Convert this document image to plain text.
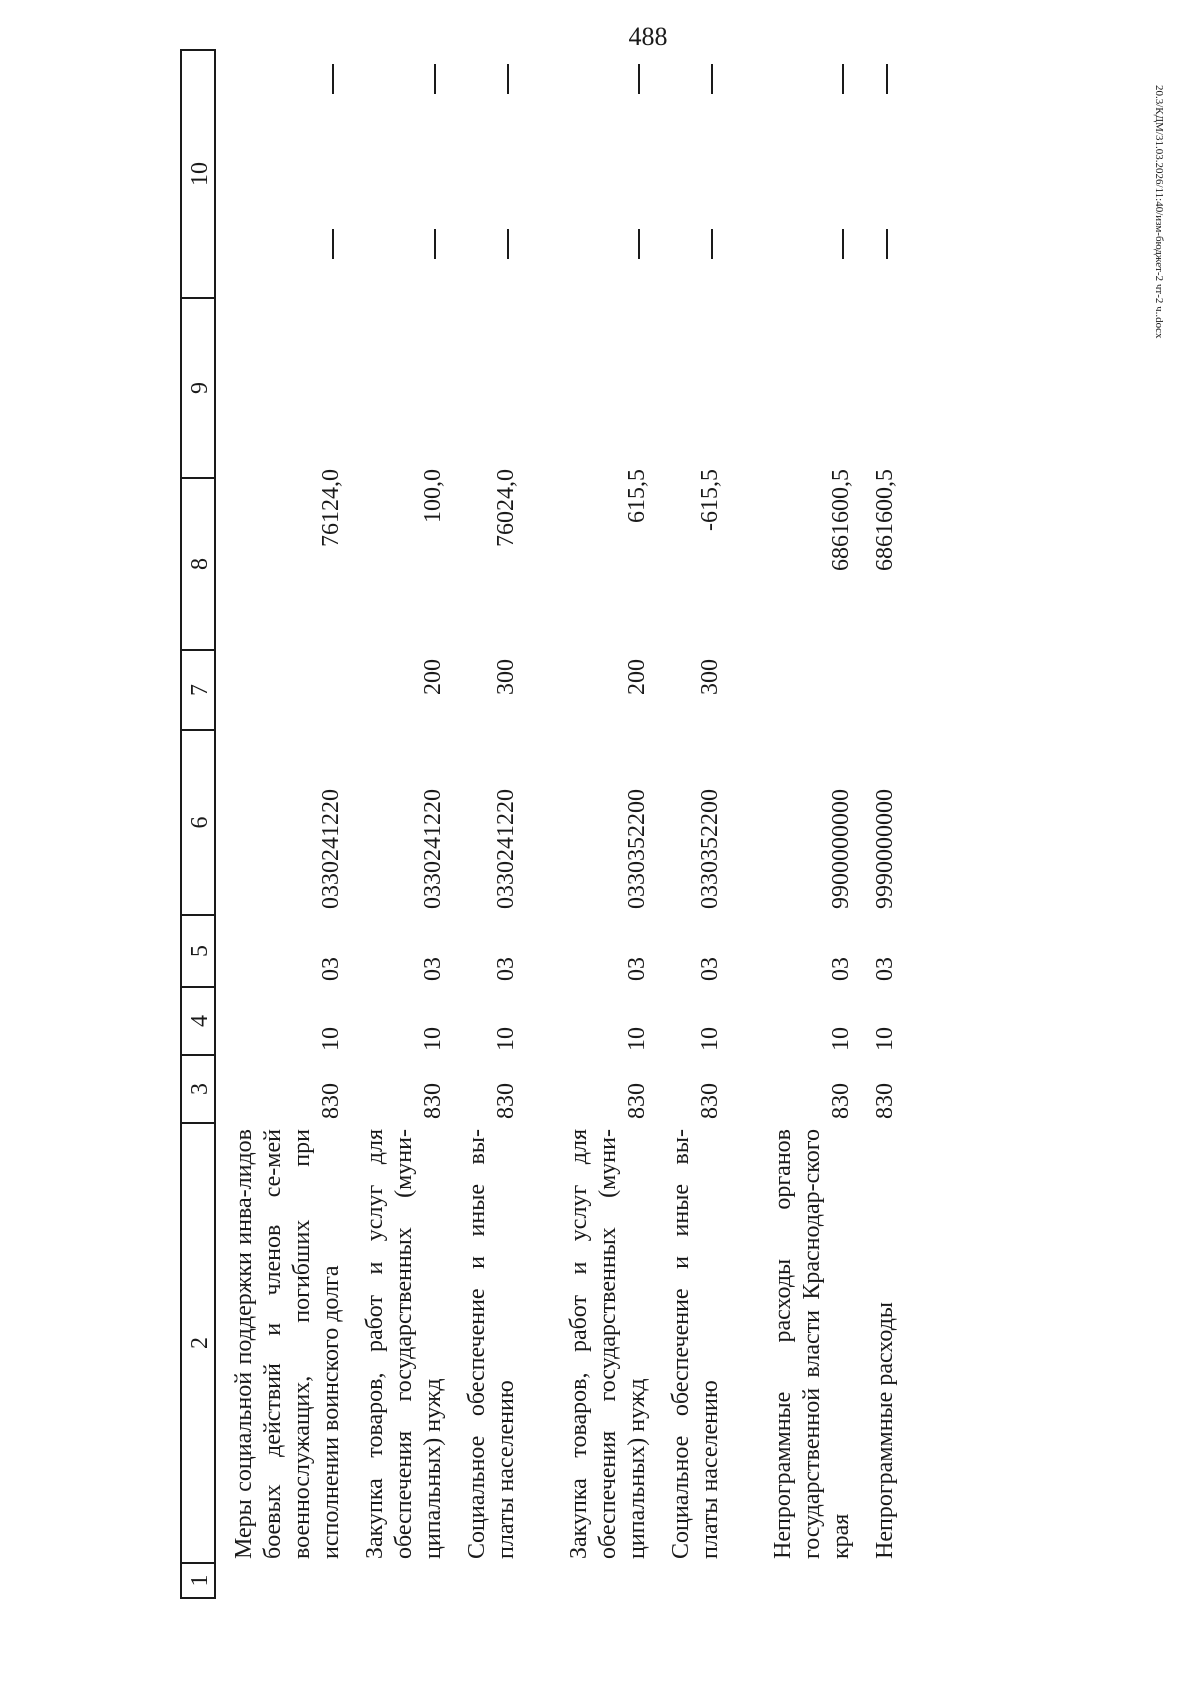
488
20.3/КДМ/31.03.2026/11:40/изм-бюджет-2 чт-2 ч..docx
1
2
3
4
5
6
7
8
9
10
Меры социальной поддержки инва-лидов боевых действий и членов се-мей военнослужащих, погибших при исполнении воинского долга
830
10
03
0330241220
76124,0
Закупка товаров, работ и услуг для обеспечения государственных (муни-ципальных) нужд
830
10
03
0330241220
200
100,0
Социальное обеспечение и иные вы-платы населению
830
10
03
0330241220
300
76024,0
Закупка товаров, работ и услуг для обеспечения государственных (муни-ципальных) нужд
830
10
03
0330352200
200
615,5
Социальное обеспечение и иные вы-платы населению
830
10
03
0330352200
300
-615,5
Непрограммные расходы органов государственной власти Краснодар-ского края
830
10
03
9900000000
6861600,5
Непрограммные расходы
830
10
03
9990000000
6861600,5
